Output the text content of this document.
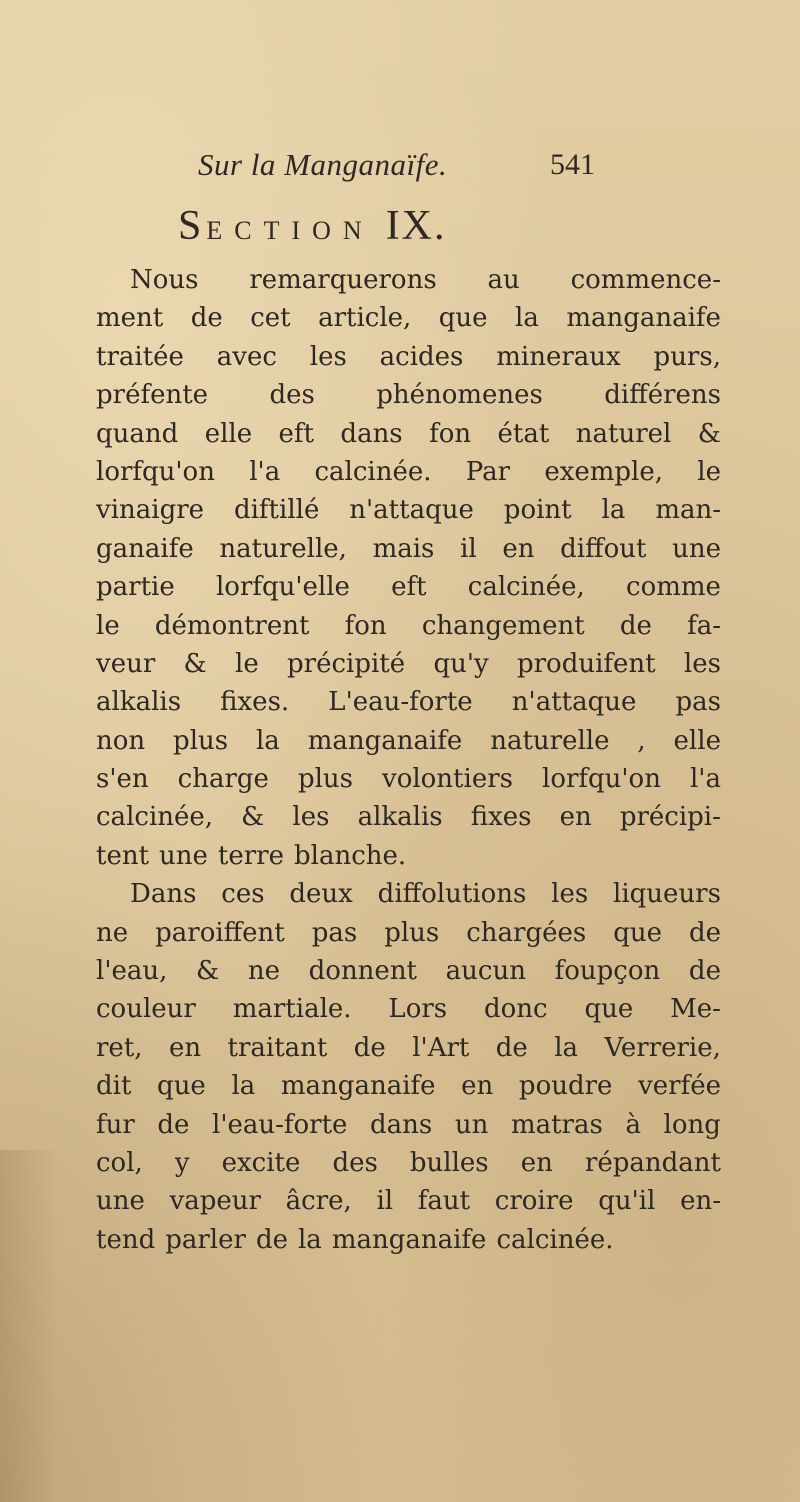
Sur la Manganaïfe.	541
SECTION IX.
Nous remarquerons au commence-
ment de cet article, que la manganaife
traitée avec les acides mineraux purs,
préfente des phénomenes différens
quand elle eft dans fon état naturel &
lorfqu'on l'a calcinée. Par exemple, le
vinaigre diftillé n'attaque point la man-
ganaife naturelle, mais il en diffout une
partie lorfqu'elle eft calcinée, comme
le démontrent fon changement de fa-
veur & le précipité qu'y produifent les
alkalis fixes. L'eau-forte n'attaque pas
non plus la manganaife naturelle , elle
s'en charge plus volontiers lorfqu'on l'a
calcinée, & les alkalis fixes en précipi-
tent une terre blanche.
Dans ces deux diffolutions les liqueurs
ne paroiffent pas plus chargées que de
l'eau, & ne donnent aucun foupçon de
couleur martiale. Lors donc que Me-
ret, en traitant de l'Art de la Verrerie,
dit que la manganaife en poudre verfée
fur de l'eau-forte dans un matras à long
col, y excite des bulles en répandant
une vapeur âcre, il faut croire qu'il en-
tend parler de la manganaife calcinée.
